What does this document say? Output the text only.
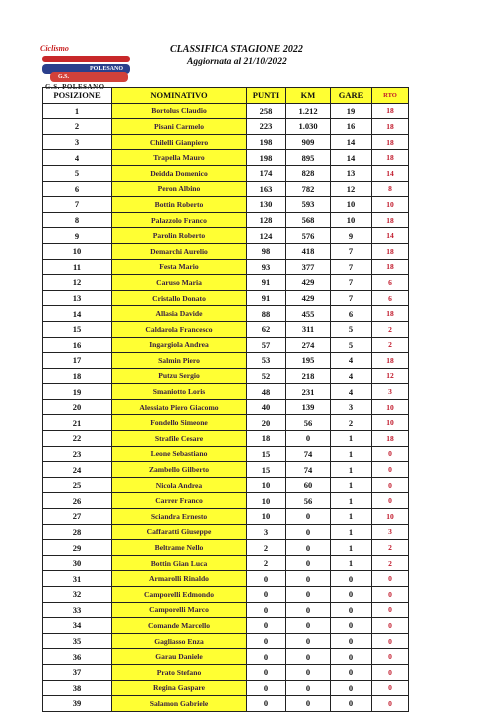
Ciclismo
G.S.
POLESANO
G.S. POLESANO
CLASSIFICA STAGIONE 2022
Aggiornata al 21/10/2022
POSIZIONE	NOMINATIVO	PUNTI	KM	GARE	RTO
1	Bortolus Claudio	258	1.212	19	18
2	Pisani Carmelo	223	1.030	16	18
3	Chilelli Gianpiero	198	909	14	18
4	Trapella Mauro	198	895	14	18
5	Deidda Domenico	174	828	13	14
6	Peron Albino	163	782	12	8
7	Bottin Roberto	130	593	10	10
8	Palazzolo Franco	128	568	10	18
9	Parolin Roberto	124	576	9	14
10	Demarchi Aurelio	98	418	7	18
11	Festa Mario	93	377	7	18
12	Caruso Maria	91	429	7	6
13	Cristallo Donato	91	429	7	6
14	Allasia Davide	88	455	6	18
15	Caldarola Francesco	62	311	5	2
16	Ingargiola Andrea	57	274	5	2
17	Salmin Piero	53	195	4	18
18	Putzu Sergio	52	218	4	12
19	Smaniotto Loris	48	231	4	3
20	Alessiato Piero Giacomo	40	139	3	10
21	Fondello Simeone	20	56	2	10
22	Strafile Cesare	18	0	1	18
23	Leone Sebastiano	15	74	1	0
24	Zambello Gilberto	15	74	1	0
25	Nicola Andrea	10	60	1	0
26	Carrer Franco	10	56	1	0
27	Sciandra Ernesto	10	0	1	10
28	Caffaratti Giuseppe	3	0	1	3
29	Beltrame Nello	2	0	1	2
30	Bottin Gian Luca	2	0	1	2
31	Armarolli Rinaldo	0	0	0	0
32	Camporelli Edmondo	0	0	0	0
33	Camporelli Marco	0	0	0	0
34	Comande Marcello	0	0	0	0
35	Gagliasso Enza	0	0	0	0
36	Garau Daniele	0	0	0	0
37	Prato Stefano	0	0	0	0
38	Regina Gaspare	0	0	0	0
39	Salamon Gabriele	0	0	0	0
